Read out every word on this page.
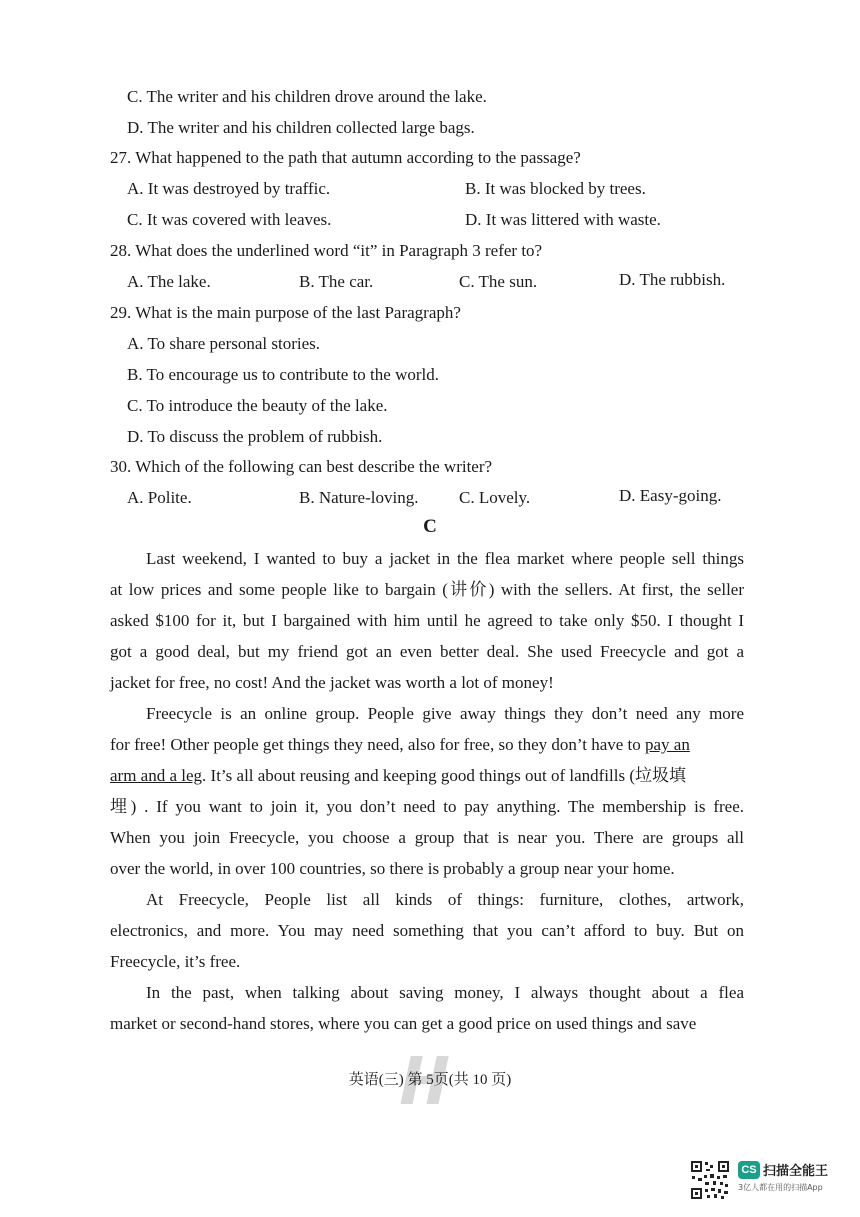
C. The writer and his children drove around the lake.
D. The writer and his children collected large bags.
27. What happened to the path that autumn according to the passage?
A. It was destroyed by traffic.	B. It was blocked by trees.
C. It was covered with leaves.	D. It was littered with waste.
28. What does the underlined word “it” in Paragraph 3 refer to?
A. The lake.	B. The car.	C. The sun.	D. The rubbish.
29. What is the main purpose of the last Paragraph?
A. To share personal stories.
B. To encourage us to contribute to the world.
C. To introduce the beauty of the lake.
D. To discuss the problem of rubbish.
30. Which of the following can best describe the writer?
A. Polite.	B. Nature-loving. C. Lovely.	D. Easy-going.
C
Last weekend, I wanted to buy a jacket in the flea market where people sell things
at low prices and some people like to bargain (讲价) with the sellers. At first, the seller
asked $100 for it, but I bargained with him until he agreed to take only $50. I thought I
got a good deal, but my friend got an even better deal. She used Freecycle and got a
jacket for free, no cost! And the jacket was worth a lot of money!
Freecycle is an online group. People give away things they don’t need any more
for free! Other people get things they need, also for free, so they don’t have to pay an
arm and a leg. It’s all about reusing and keeping good things out of landfills (垃圾填
埋) . If you want to join it, you don’t need to pay anything. The membership is free.
When you join Freecycle, you choose a group that is near you. There are groups all
over the world, in over 100 countries, so there is probably a group near your home.
At Freecycle, People list all kinds of things: furniture, clothes, artwork,
electronics, and more. You may need something that you can’t afford to buy. But on
Freecycle, it’s free.
In the past, when talking about saving money, I always thought about a flea
market or second-hand stores, where you can get a good price on used things and save
英语(三) 第 5页(共 10 页)
CS 扫描全能王
3亿人都在用的扫描App
